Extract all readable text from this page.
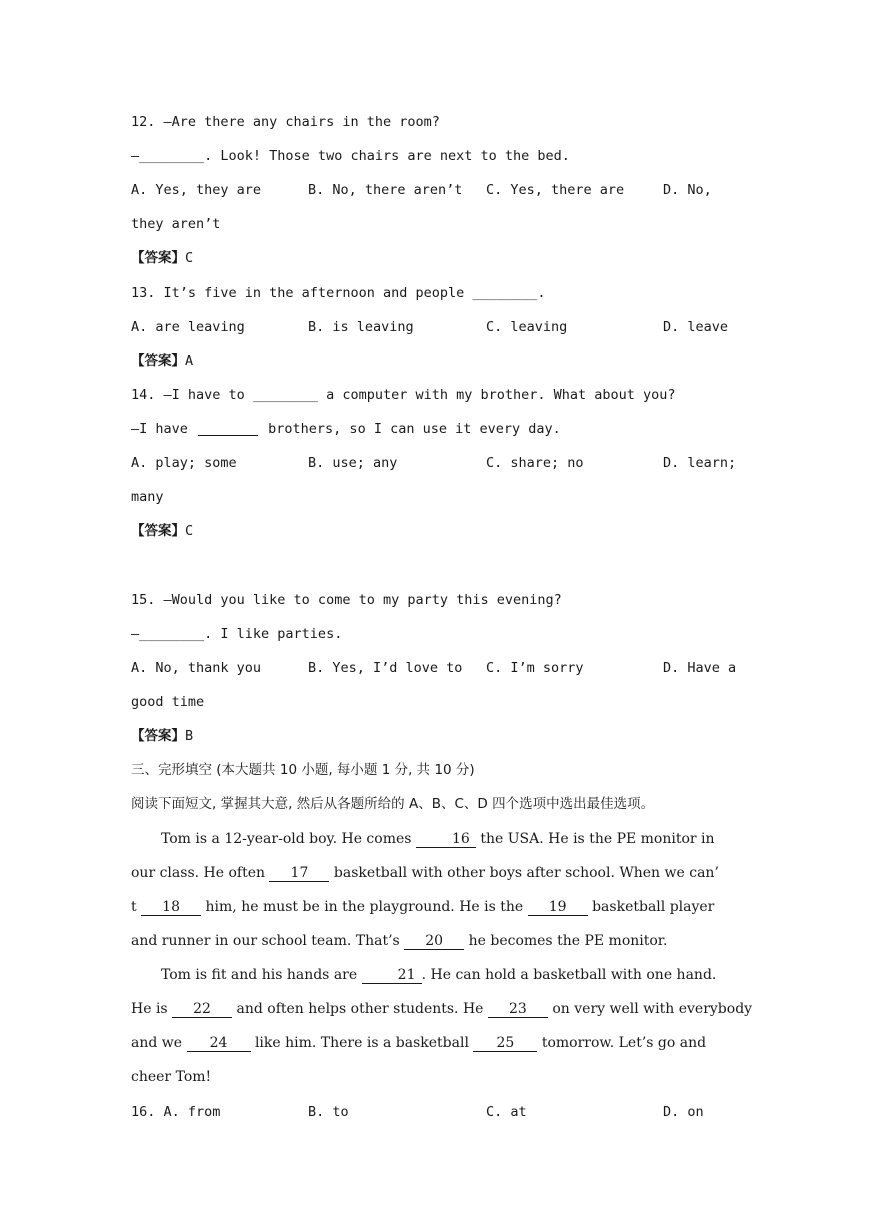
12. —Are there any chairs in the room?
—________. Look! Those two chairs are next to the bed.
A. Yes, they are	B. No, there aren’t C. Yes, there are	D. No,
they aren’t
【答案】C
13. It’s five in the afternoon and people ________.
A. are leaving	B. is leaving	C. leaving	D. leave
【答案】A
14. —I have to ________ a computer with my brother. What about you?
—I have	brothers, so I can use it every day.
A. play; some	B. use; any	C. share; no	D. learn;
many
【答案】C
15. —Would you like to come to my party this evening?
—________. I like parties.
A. No, thank you	B. Yes, I’d love to C. I’m sorry	D. Have a
good time
【答案】B
三、完形填空 (本大题共 10 小题, 每小题 1 分, 共 10 分)
阅读下面短文, 掌握其大意, 然后从各题所给的 A、B、C、D 四个选项中选出最佳选项。
Tom is a 12-year-old boy. He comes	16 the USA. He is the PE monitor in
our class. He often 17 basketball with other boys after school. When we can’
t 18 him, he must be in the playground. He is the 19 basketball player
and runner in our school team. That’s 20 he becomes the PE monitor.
Tom is fit and his hands are	21 . He can hold a basketball with one hand.
He is 22 and often helps other students. He 23 on very well with everybody
and we 24 like him. There is a basketball 25 tomorrow. Let’s go and
cheer Tom!
16. A. from	B. to	C. at	D. on
